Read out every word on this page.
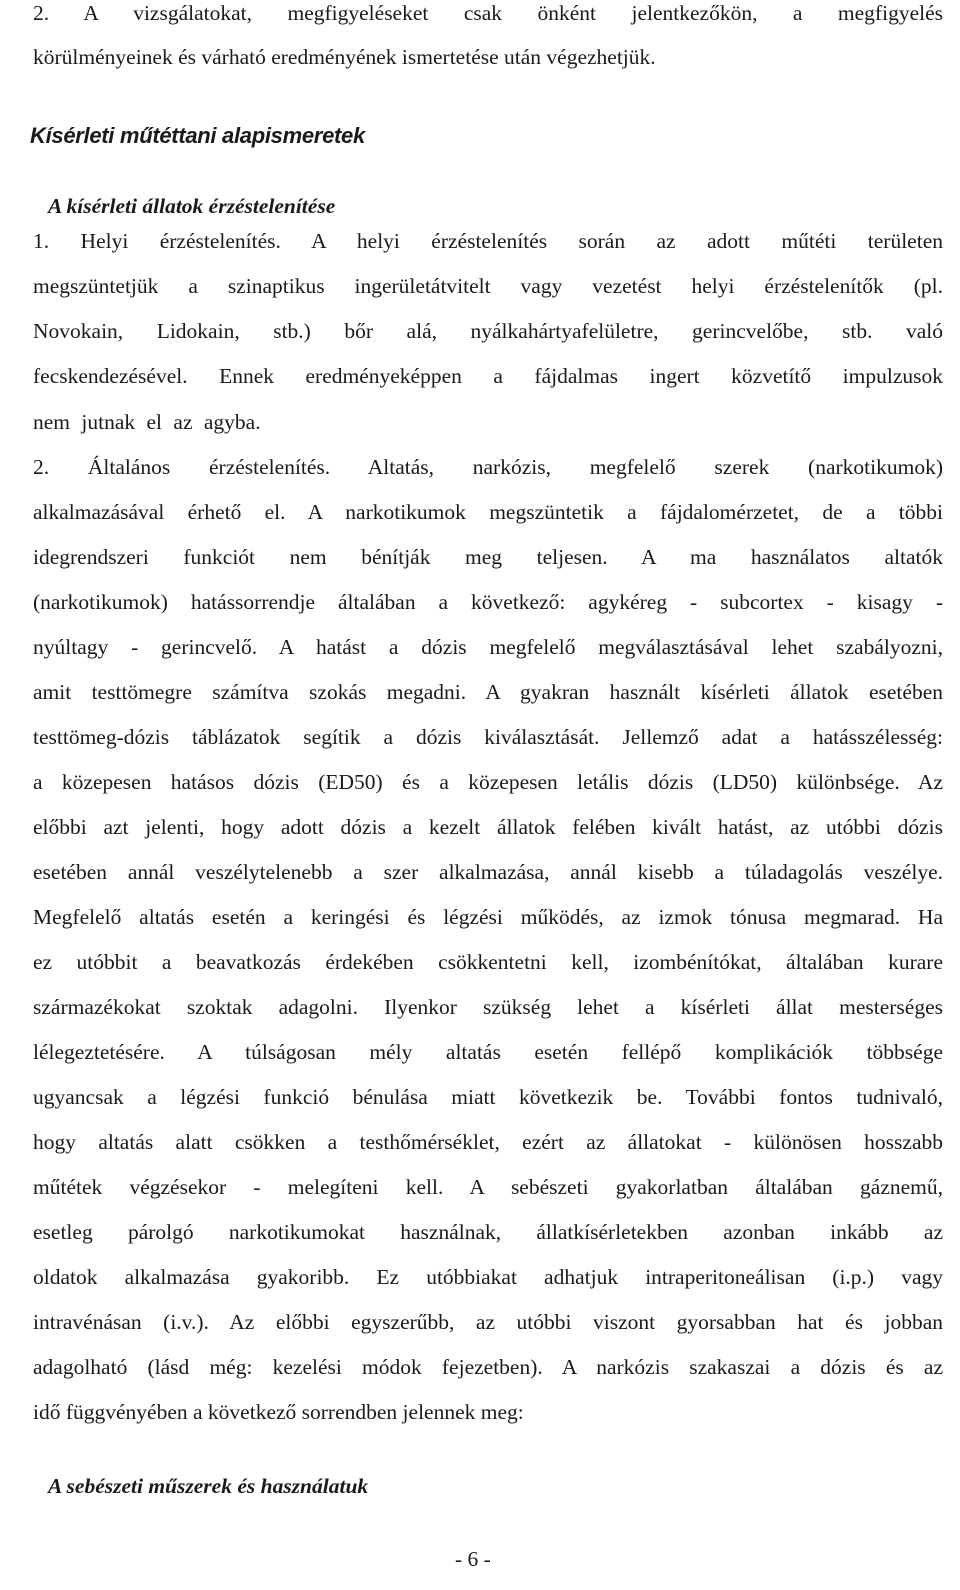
2. A vizsgálatokat, megfigyeléseket csak önként jelentkezőkön, a megfigyelés

körülményeinek és várható eredményének ismertetése után végezhetjük.

Kísérleti műtéttani alapismeretek

A kísérleti állatok érzéstelenítése

1. Helyi érzéstelenítés. A helyi érzéstelenítés során az adott műtéti területen

megszüntetjük a szinaptikus ingerületátvitelt vagy vezetést helyi érzéstelenítők (pl.

Novokain, Lidokain, stb.) bőr alá, nyálkahártyafelületre, gerincvelőbe, stb. való

fecskendezésével. Ennek eredményeképpen a fájdalmas ingert közvetítő impulzusok

nem jutnak el az agyba.

2. Általános érzéstelenítés. Altatás, narkózis, megfelelő szerek (narkotikumok)

alkalmazásával érhető el. A narkotikumok megszüntetik a fájdalomérzetet, de a többi

idegrendszeri funkciót nem bénítják meg teljesen. A ma használatos altatók

(narkotikumok) hatássorrendje általában a következő: agykéreg - subcortex - kisagy -

nyúltagy - gerincvelő. A hatást a dózis megfelelő megválasztásával lehet szabályozni,

amit testtömegre számítva szokás megadni. A gyakran használt kísérleti állatok esetében

testtömeg-dózis táblázatok segítik a dózis kiválasztását. Jellemző adat a hatásszélesség:

a közepesen hatásos dózis (ED50) és a közepesen letális dózis (LD50) különbsége. Az

előbbi azt jelenti, hogy adott dózis a kezelt állatok felében kivált hatást, az utóbbi dózis

esetében annál veszélytelenebb a szer alkalmazása, annál kisebb a túladagolás veszélye.

Megfelelő altatás esetén a keringési és légzési működés, az izmok tónusa megmarad. Ha

ez utóbbit a beavatkozás érdekében csökkentetni kell, izombénítókat, általában kurare

származékokat szoktak adagolni. Ilyenkor szükség lehet a kísérleti állat mesterséges

lélegeztetésére. A túlságosan mély altatás esetén fellépő komplikációk többsége

ugyancsak a légzési funkció bénulása miatt következik be. További fontos tudnivaló,

hogy altatás alatt csökken a testhőmérséklet, ezért az állatokat - különösen hosszabb

műtétek végzésekor - melegíteni kell. A sebészeti gyakorlatban általában gáznemű,

esetleg párolgó narkotikumokat használnak, állatkísérletekben azonban inkább az

oldatok alkalmazása gyakoribb. Ez utóbbiakat adhatjuk intraperitoneálisan (i.p.) vagy

intravénásan (i.v.). Az előbbi egyszerűbb, az utóbbi viszont gyorsabban hat és jobban

adagolható (lásd még: kezelési módok fejezetben). A narkózis szakaszai a dózis és az

idő függvényében a következő sorrendben jelennek meg:

A sebészeti műszerek és használatuk

- 6 -
